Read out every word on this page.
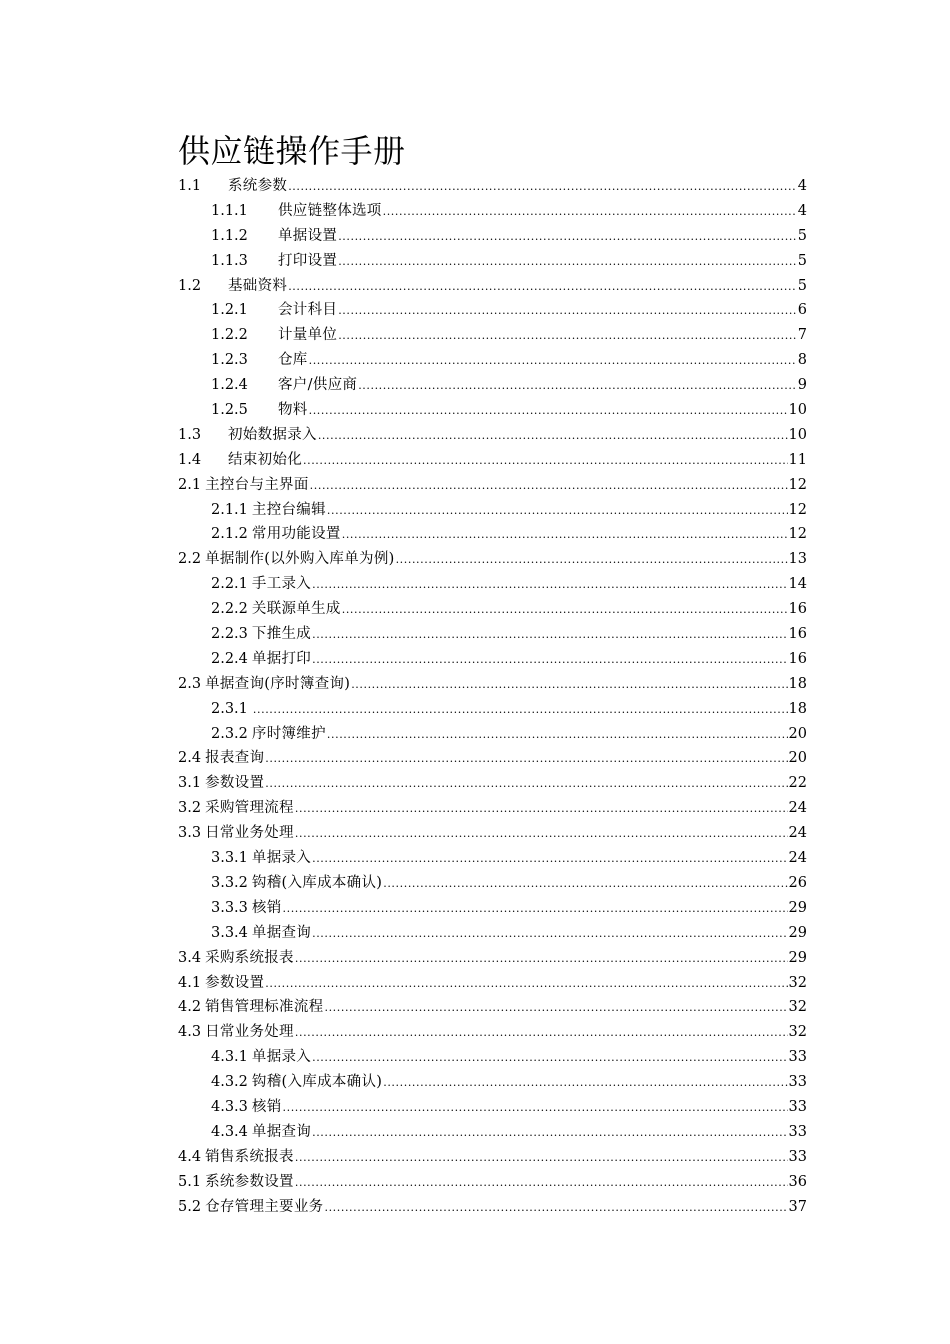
供应链操作手册
1.1	系统参数 .....	4
1.1.1	供应链整体选项 .....	4
1.1.2	单据设置 .....	5
1.1.3	打印设置 .....	5
1.2	基础资料 .....	5
1.2.1	会计科目 .....	6
1.2.2	计量单位 .....	7
1.2.3	仓库 .....	8
1.2.4	客户/供应商 .....	9
1.2.5	物料 .....	10
1.3	初始数据录入 .....	10
1.4	结束初始化 .....	11
2.1 主控台与主界面 .....	12
2.1.1 主控台编辑 .....	12
2.1.2 常用功能设置 .....	12
2.2 单据制作(以外购入库单为例) .....	13
2.2.1 手工录入 .....	14
2.2.2 关联源单生成 .....	16
2.2.3 下推生成 .....	16
2.2.4 单据打印 .....	16
2.3 单据查询(序时簿查询) .....	18
2.3.1 .....	18
2.3.2 序时簿维护 .....	20
2.4 报表查询 .....	20
3.1 参数设置 .....	22
3.2 采购管理流程 .....	24
3.3 日常业务处理 .....	24
3.3.1 单据录入 .....	24
3.3.2 钩稽(入库成本确认) .....	26
3.3.3 核销 .....	29
3.3.4 单据查询 .....	29
3.4 采购系统报表 .....	29
4.1 参数设置 .....	32
4.2 销售管理标准流程 .....	32
4.3 日常业务处理 .....	32
4.3.1 单据录入 .....	33
4.3.2 钩稽(入库成本确认) .....	33
4.3.3 核销 .....	33
4.3.4 单据查询 .....	33
4.4 销售系统报表 .....	33
5.1 系统参数设置 .....	36
5.2 仓存管理主要业务 .....	37
